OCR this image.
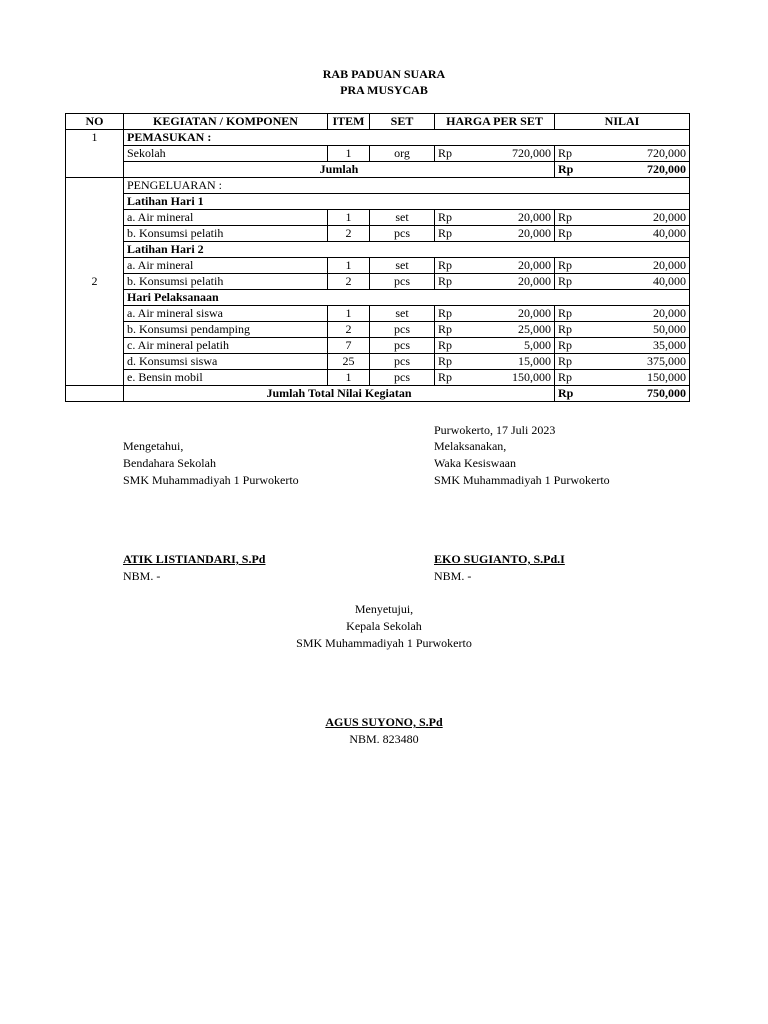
RAB PADUAN SUARA
PRA MUSYCAB
NO	KEGIATAN / KOMPONEN	ITEM	SET	HARGA PER SET		NILAI	
1	PEMASUKAN :						
	Sekolah	1	org	Rp	720,000	Rp	720,000
	Jumlah					Rp	720,000
2	PENGELUARAN :						
	Latihan Hari 1						
	a. Air mineral	1	set	Rp	20,000	Rp	20,000
	b. Konsumsi pelatih	2	pcs	Rp	20,000	Rp	40,000
	Latihan Hari 2						
	a. Air mineral	1	set	Rp	20,000	Rp	20,000
	b. Konsumsi pelatih	2	pcs	Rp	20,000	Rp	40,000
	Hari Pelaksanaan						
	a. Air mineral siswa	1	set	Rp	20,000	Rp	20,000
	b. Konsumsi pendamping	2	pcs	Rp	25,000	Rp	50,000
	c. Air mineral pelatih	7	pcs	Rp	5,000	Rp	35,000
	d. Konsumsi siswa	25	pcs	Rp	15,000	Rp	375,000
	e. Bensin mobil	1	pcs	Rp	150,000	Rp	150,000
	Jumlah Total Nilai Kegiatan					Rp	750,000
Purwokerto, 17 Juli 2023
Mengetahui,
Bendahara Sekolah
SMK Muhammadiyah 1 Purwokerto
ATIK LISTIANDARI, S.Pd
NBM. -
Melaksanakan,
Waka Kesiswaan
SMK Muhammadiyah 1 Purwokerto
EKO SUGIANTO, S.Pd.I
NBM. -
Menyetujui,
Kepala Sekolah
SMK Muhammadiyah 1 Purwokerto
AGUS SUYONO, S.Pd
NBM. 823480
